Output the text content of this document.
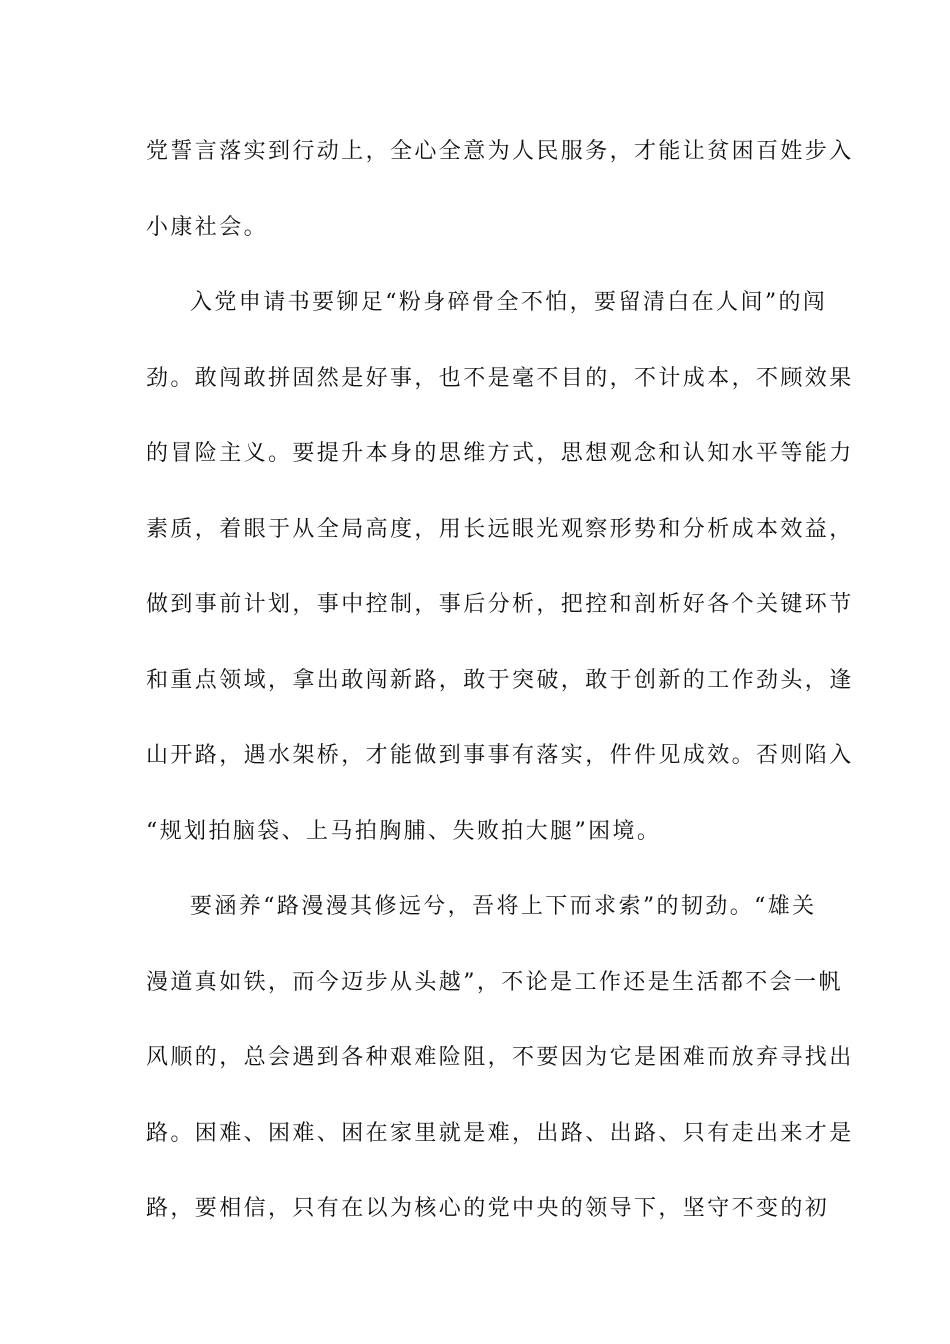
党誓言落实到行动上，全心全意为人民服务，才能让贫困百姓步入
小康社会。
入党申请书要铆足“粉身碎骨全不怕，要留清白在人间”的闯
劲。敢闯敢拼固然是好事，也不是毫不目的，不计成本，不顾效果
的冒险主义。要提升本身的思维方式，思想观念和认知水平等能力
素质，着眼于从全局高度，用长远眼光观察形势和分析成本效益，
做到事前计划，事中控制，事后分析，把控和剖析好各个关键环节
和重点领域，拿出敢闯新路，敢于突破，敢于创新的工作劲头，逢
山开路，遇水架桥，才能做到事事有落实，件件见成效。否则陷入
“规划拍脑袋、上马拍胸脯、失败拍大腿”困境。
要涵养“路漫漫其修远兮，吾将上下而求索”的韧劲。“雄关
漫道真如铁，而今迈步从头越”，不论是工作还是生活都不会一帆
风顺的，总会遇到各种艰难险阻，不要因为它是困难而放弃寻找出
路。困难、困难、困在家里就是难，出路、出路、只有走出来才是
路，要相信，只有在以为核心的党中央的领导下，坚守不变的初
